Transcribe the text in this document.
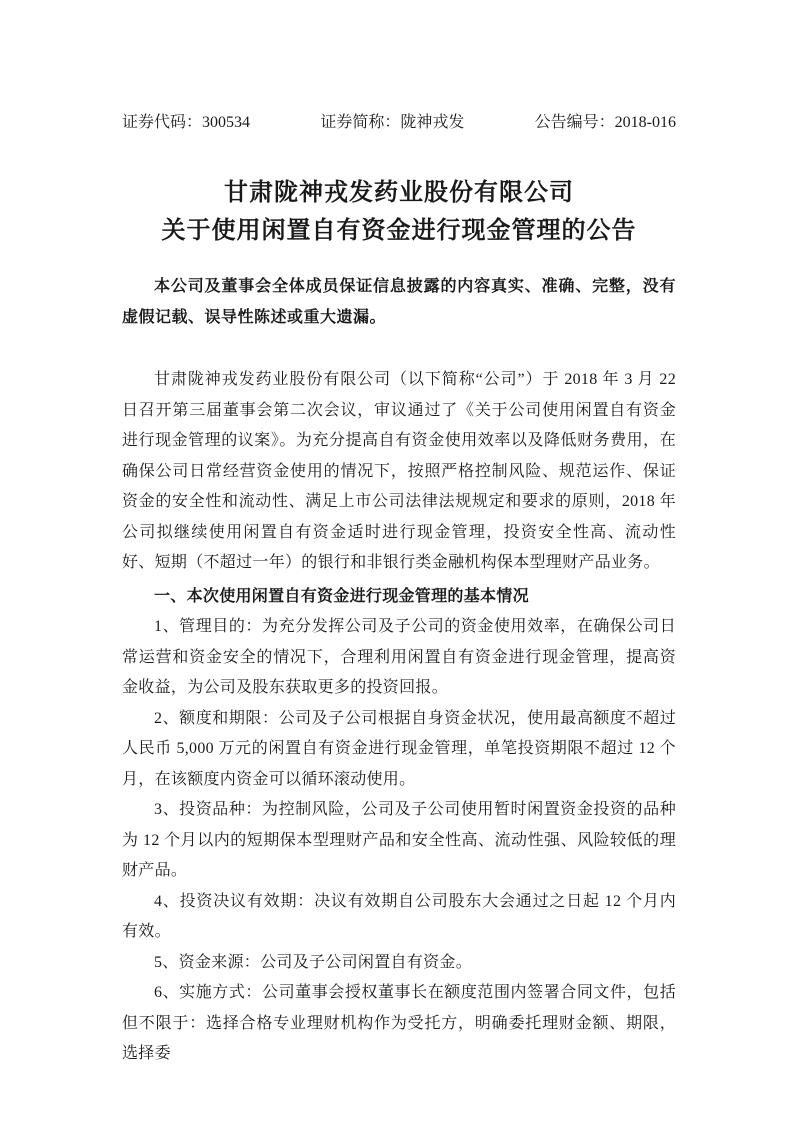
证券代码：300534	证券简称：陇神戎发	公告编号：2018-016
甘肃陇神戎发药业股份有限公司
关于使用闲置自有资金进行现金管理的公告

本公司及董事会全体成员保证信息披露的内容真实、准确、完整，没有虚假记载、误导性陈述或重大遗漏。

甘肃陇神戎发药业股份有限公司（以下简称“公司”）于 2018 年 3 月 22 日召开第三届董事会第二次会议，审议通过了《关于公司使用闲置自有资金进行现金管理的议案》。为充分提高自有资金使用效率以及降低财务费用，在确保公司日常经营资金使用的情况下，按照严格控制风险、规范运作、保证资金的安全性和流动性、满足上市公司法律法规规定和要求的原则，2018 年公司拟继续使用闲置自有资金适时进行现金管理，投资安全性高、流动性好、短期（不超过一年）的银行和非银行类金融机构保本型理财产品业务。

一、本次使用闲置自有资金进行现金管理的基本情况

1、管理目的：为充分发挥公司及子公司的资金使用效率，在确保公司日常运营和资金安全的情况下，合理利用闲置自有资金进行现金管理，提高资金收益，为公司及股东获取更多的投资回报。

2、额度和期限：公司及子公司根据自身资金状况，使用最高额度不超过人民币 5,000 万元的闲置自有资金进行现金管理，单笔投资期限不超过 12 个月，在该额度内资金可以循环滚动使用。

3、投资品种：为控制风险，公司及子公司使用暂时闲置资金投资的品种为 12 个月以内的短期保本型理财产品和安全性高、流动性强、风险较低的理财产品。

4、投资决议有效期：决议有效期自公司股东大会通过之日起 12 个月内有效。

5、资金来源：公司及子公司闲置自有资金。

6、实施方式：公司董事会授权董事长在额度范围内签署合同文件，包括但不限于：选择合格专业理财机构作为受托方，明确委托理财金额、期限，选择委
